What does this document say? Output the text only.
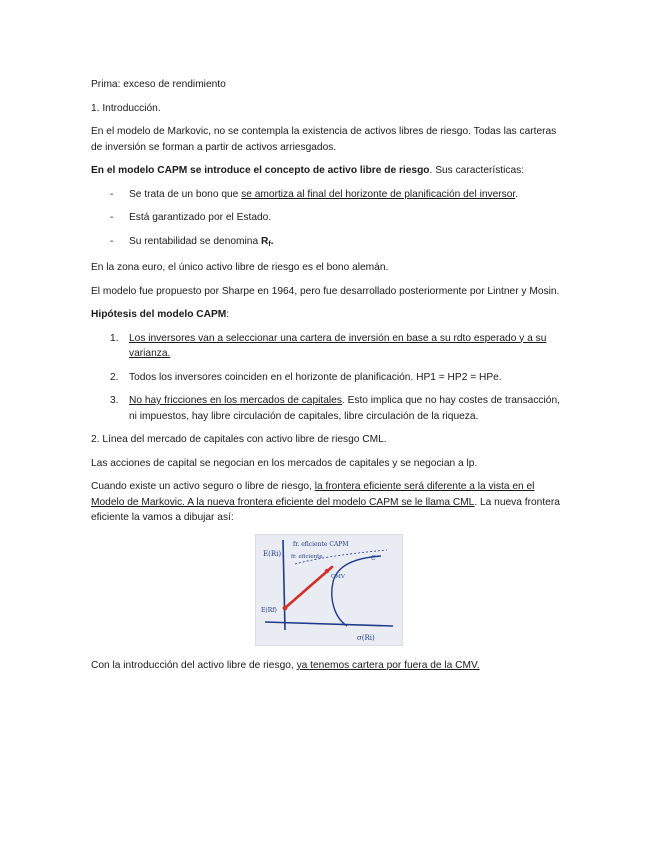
Prima: exceso de rendimiento

1. Introducción.

En el modelo de Markovic, no se contempla la existencia de activos libres de riesgo. Todas las carteras de inversión se forman a partir de activos arriesgados.

En el modelo CAPM se introduce el concepto de activo libre de riesgo. Sus características:

- Se trata de un bono que se amortiza al final del horizonte de planificación del inversor.
- Está garantizado por el Estado.
- Su rentabilidad se denomina $R_f$.

En la zona euro, el único activo libre de riesgo es el bono alemán.

El modelo fue propuesto por Sharpe en 1964, pero fue desarrollado posteriormente por Lintner y Mosin.

Hipótesis del modelo CAPM:

1. Los inversores van a seleccionar una cartera de inversión en base a su rdto esperado y a su varianza.
2. Todos los inversores coinciden en el horizonte de planificación. HP1 = HP2 = HPe.
3. No hay fricciones en los mercados de capitales. Esto implica que no hay costes de transacción, ni impuestos, hay libre circulación de capitales, libre circulación de la riqueza.

2. Línea del mercado de capitales con activo libre de riesgo CML.

Las acciones de capital se negocian en los mercados de capitales y se negocian a lp.

Cuando existe un activo seguro o libre de riesgo, la frontera eficiente será diferente a la vista en el Modelo de Markovic. A la nueva frontera eficiente del modelo CAPM se le llama CML. La nueva frontera eficiente la vamos a dibujar así:

E(Ri)
fr. eficiente CAPM
fr. eficiente	C
CMV
E(Rf)
σ(Ri)

Con la introducción del activo libre de riesgo, ya tenemos cartera por fuera de la CMV.
